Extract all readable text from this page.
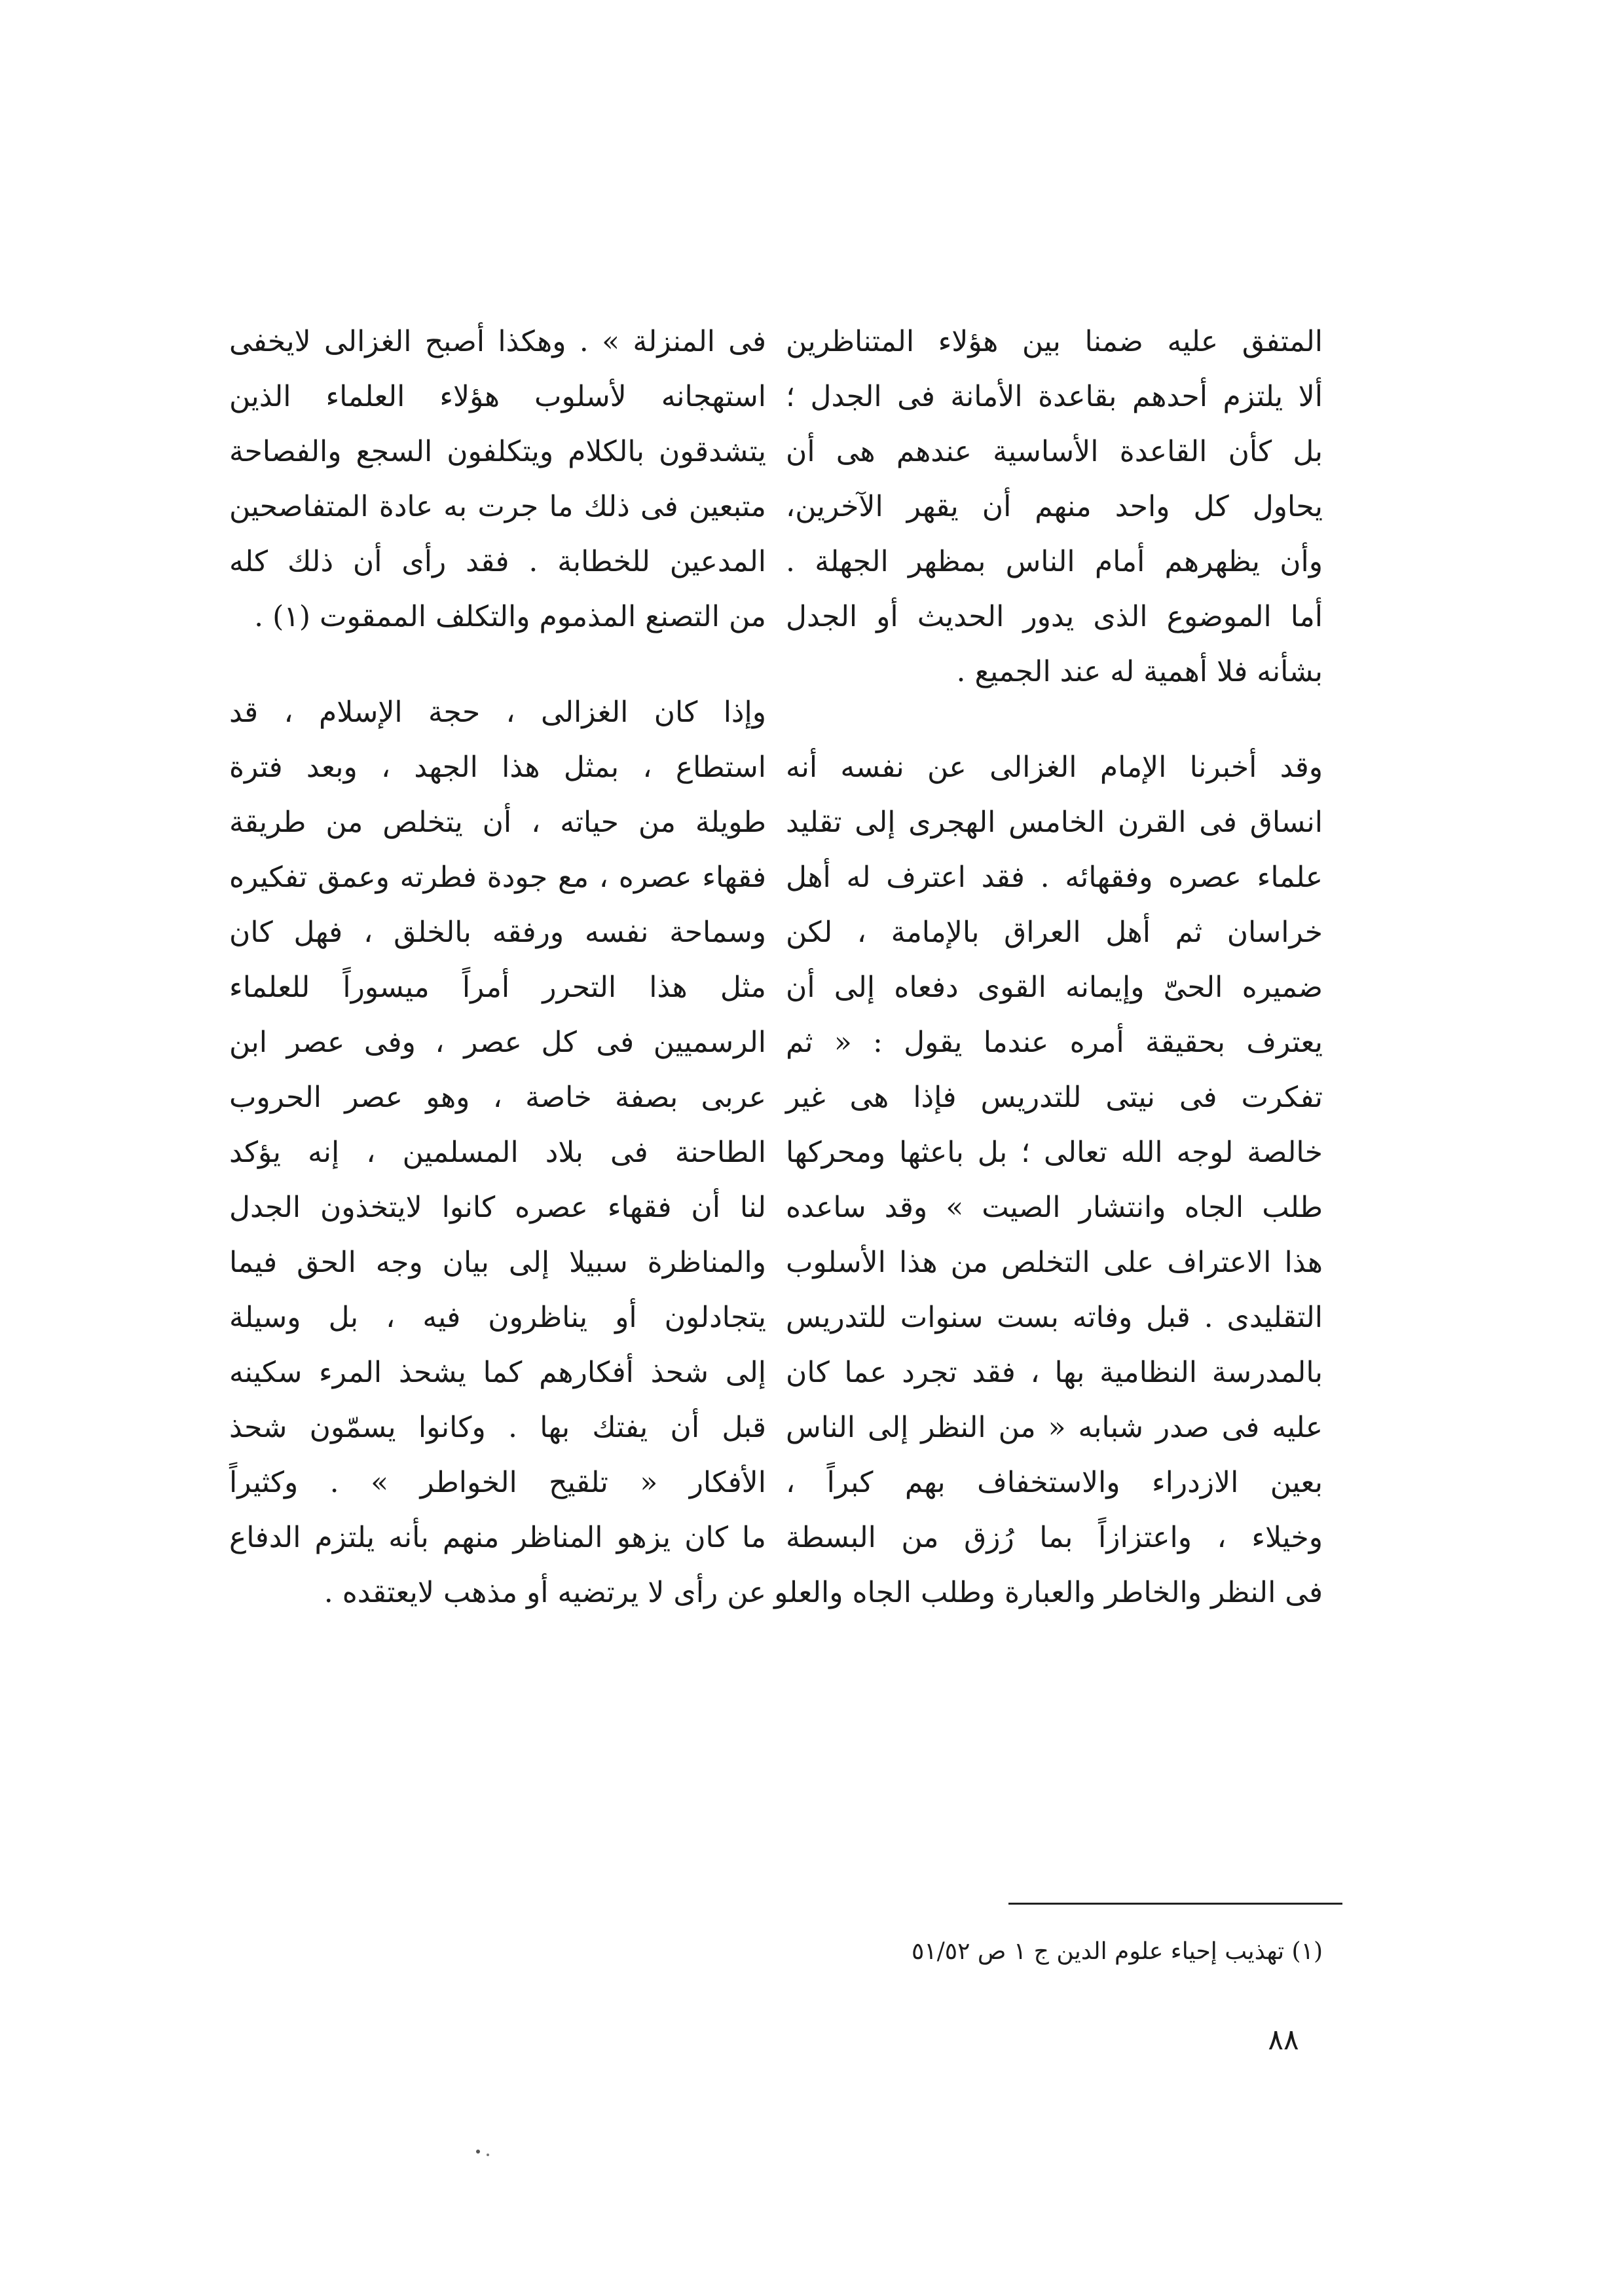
المتفق عليه ضمنا بين هؤلاء المتناظرين
ألا يلتزم أحدهم بقاعدة الأمانة فى الجدل ؛
بل كأن القاعدة الأساسية عندهم هى أن
يحاول كل واحد منهم أن يقهر الآخرين،
وأن يظهرهم أمام الناس بمظهر الجهلة .
أما الموضوع الذى يدور الحديث أو الجدل
بشأنه فلا أهمية له عند الجميع .
وقد أخبرنا الإمام الغزالى عن نفسه أنه
انساق فى القرن الخامس الهجرى إلى تقليد
علماء عصره وفقهائه . فقد اعترف له أهل
خراسان ثم أهل العراق بالإمامة ، لكن
ضميره الحىّ وإيمانه القوى دفعاه إلى أن
يعترف بحقيقة أمره عندما يقول : « ثم
تفكرت فى نيتى للتدريس فإذا هى غير
خالصة لوجه الله تعالى ؛ بل باعثها ومحركها
طلب الجاه وانتشار الصيت » وقد ساعده
هذا الاعتراف على التخلص من هذا الأسلوب
التقليدى . قبل وفاته بست سنوات للتدريس
بالمدرسة النظامية بها ، فقد تجرد عما كان
عليه فى صدر شبابه « من النظر إلى الناس
بعين الازدراء والاستخفاف بهم كبراً ،
وخيلاء ، واعتزازاً بما رُزق من البسطة
فى النظر والخاطر والعبارة وطلب الجاه والعلو
فى المنزلة » . وهكذا أصبح الغزالى لايخفى
استهجانه لأسلوب هؤلاء العلماء الذين
يتشدقون بالكلام ويتكلفون السجع والفصاحة
متبعين فى ذلك ما جرت به عادة المتفاصحين
المدعين للخطابة . فقد رأى أن ذلك كله
من التصنع المذموم والتكلف الممقوت (١) .
وإذا كان الغزالى ، حجة الإسلام ، قد
استطاع ، بمثل هذا الجهد ، وبعد فترة
طويلة من حياته ، أن يتخلص من طريقة
فقهاء عصره ، مع جودة فطرته وعمق تفكيره
وسماحة نفسه ورفقه بالخلق ، فهل كان
مثل هذا التحرر أمراً ميسوراً للعلماء
الرسميين فى كل عصر ، وفى عصر ابن
عربى بصفة خاصة ، وهو عصر الحروب
الطاحنة فى بلاد المسلمين ، إنه يؤكد
لنا أن فقهاء عصره كانوا لايتخذون الجدل
والمناظرة سبيلا إلى بيان وجه الحق فيما
يتجادلون أو يناظرون فيه ، بل وسيلة
إلى شحذ أفكارهم كما يشحذ المرء سكينه
قبل أن يفتك بها . وكانوا يسمّون شحذ
الأفكار « تلقيح الخواطر » . وكثيراً
ما كان يزهو المناظر منهم بأنه يلتزم الدفاع
عن رأى لا يرتضيه أو مذهب لايعتقده .
(١) تهذيب إحياء علوم الدين ج ١ ص ٥١/٥٢
٨٨
